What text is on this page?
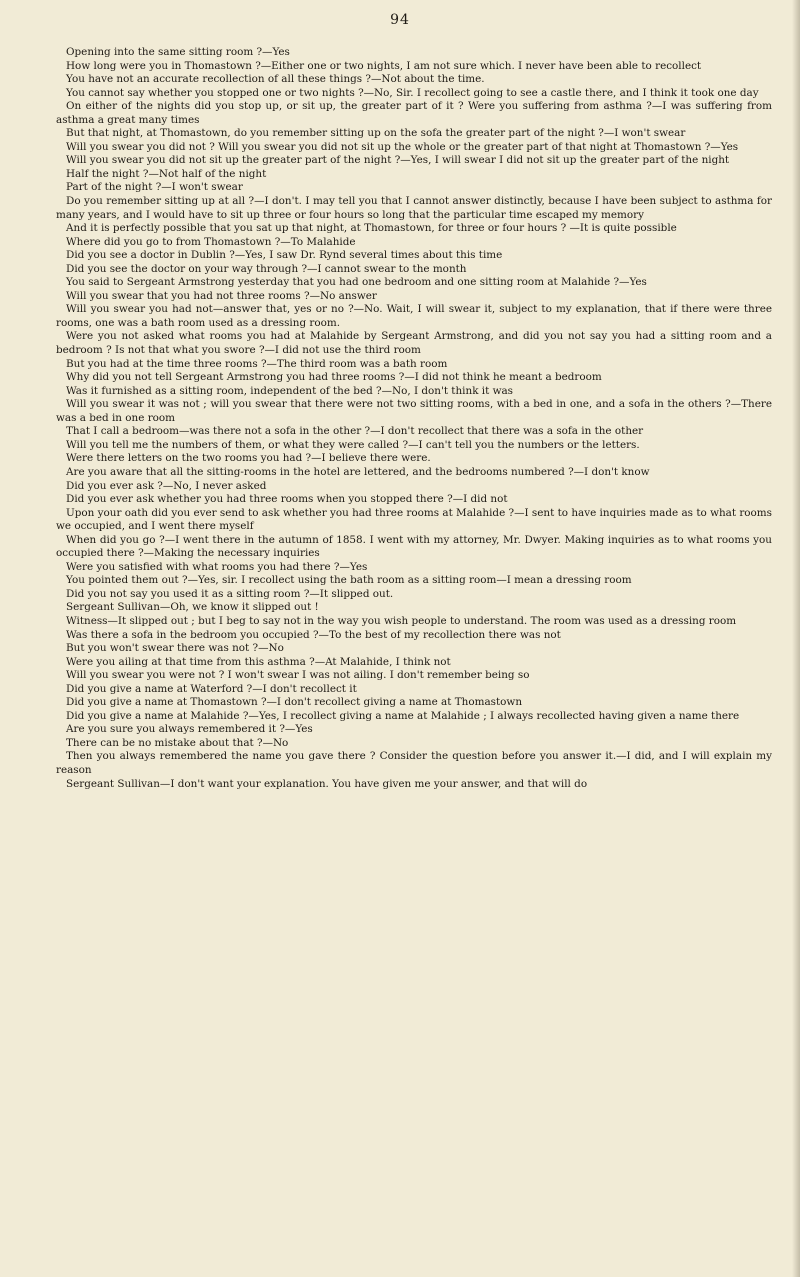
94

Opening into the same sitting room ?—Yes

How long were you in Thomastown ?—Either one or two nights, I am not sure which. I never have been able to recollect

You have not an accurate recollection of all these things ?—Not about the time.

You cannot say whether you stopped one or two nights ?—No, Sir. I recollect going to see a castle there, and I think it took one day

On either of the nights did you stop up, or sit up, the greater part of it ? Were you suffering from asthma ?—I was suffering from asthma a great many times

But that night, at Thomastown, do you remember sitting up on the sofa the greater part of the night ?—I won't swear

Will you swear you did not ? Will you swear you did not sit up the whole or the greater part of that night at Thomastown ?—Yes

Will you swear you did not sit up the greater part of the night ?—Yes, I will swear I did not sit up the greater part of the night

Half the night ?—Not half of the night

Part of the night ?—I won't swear

Do you remember sitting up at all ?—I don't. I may tell you that I cannot answer distinctly, because I have been subject to asthma for many years, and I would have to sit up three or four hours so long that the particular time escaped my memory

And it is perfectly possible that you sat up that night, at Thomastown, for three or four hours ? —It is quite possible

Where did you go to from Thomastown ?—To Malahide

Did you see a doctor in Dublin ?—Yes, I saw Dr. Rynd several times about this time

Did you see the doctor on your way through ?—I cannot swear to the month

You said to Sergeant Armstrong yesterday that you had one bedroom and one sitting room at Malahide ?—Yes

Will you swear that you had not three rooms ?—No answer

Will you swear you had not—answer that, yes or no ?—No. Wait, I will swear it, subject to my explanation, that if there were three rooms, one was a bath room used as a dressing room.

Were you not asked what rooms you had at Malahide by Sergeant Armstrong, and did you not say you had a sitting room and a bedroom ? Is not that what you swore ?—I did not use the third room

But you had at the time three rooms ?—The third room was a bath room

Why did you not tell Sergeant Armstrong you had three rooms ?—I did not think he meant a bedroom

Was it furnished as a sitting room, independent of the bed ?—No, I don't think it was

Will you swear it was not ; will you swear that there were not two sitting rooms, with a bed in one, and a sofa in the others ?—There was a bed in one room

That I call a bedroom—was there not a sofa in the other ?—I don't recollect that there was a sofa in the other

Will you tell me the numbers of them, or what they were called ?—I can't tell you the numbers or the letters.

Were there letters on the two rooms you had ?—I believe there were.

Are you aware that all the sitting-rooms in the hotel are lettered, and the bedrooms numbered ?—I don't know

Did you ever ask ?—No, I never asked

Did you ever ask whether you had three rooms when you stopped there ?—I did not

Upon your oath did you ever send to ask whether you had three rooms at Malahide ?—I sent to have inquiries made as to what rooms we occupied, and I went there myself

When did you go ?—I went there in the autumn of 1858. I went with my attorney, Mr. Dwyer. Making inquiries as to what rooms you occupied there ?—Making the necessary inquiries

Were you satisfied with what rooms you had there ?—Yes

You pointed them out ?—Yes, sir. I recollect using the bath room as a sitting room—I mean a dressing room

Did you not say you used it as a sitting room ?—It slipped out.

Sergeant Sullivan—Oh, we know it slipped out !

Witness—It slipped out ; but I beg to say not in the way you wish people to understand. The room was used as a dressing room

Was there a sofa in the bedroom you occupied ?—To the best of my recollection there was not

But you won't swear there was not ?—No

Were you ailing at that time from this asthma ?—At Malahide, I think not

Will you swear you were not ? I won't swear I was not ailing. I don't remember being so

Did you give a name at Waterford ?—I don't recollect it

Did you give a name at Thomastown ?—I don't recollect giving a name at Thomastown

Did you give a name at Malahide ?—Yes, I recollect giving a name at Malahide ; I always recollected having given a name there

Are you sure you always remembered it ?—Yes

There can be no mistake about that ?—No

Then you always remembered the name you gave there ? Consider the question before you answer it.—I did, and I will explain my reason

Sergeant Sullivan—I don't want your explanation. You have given me your answer, and that will do
